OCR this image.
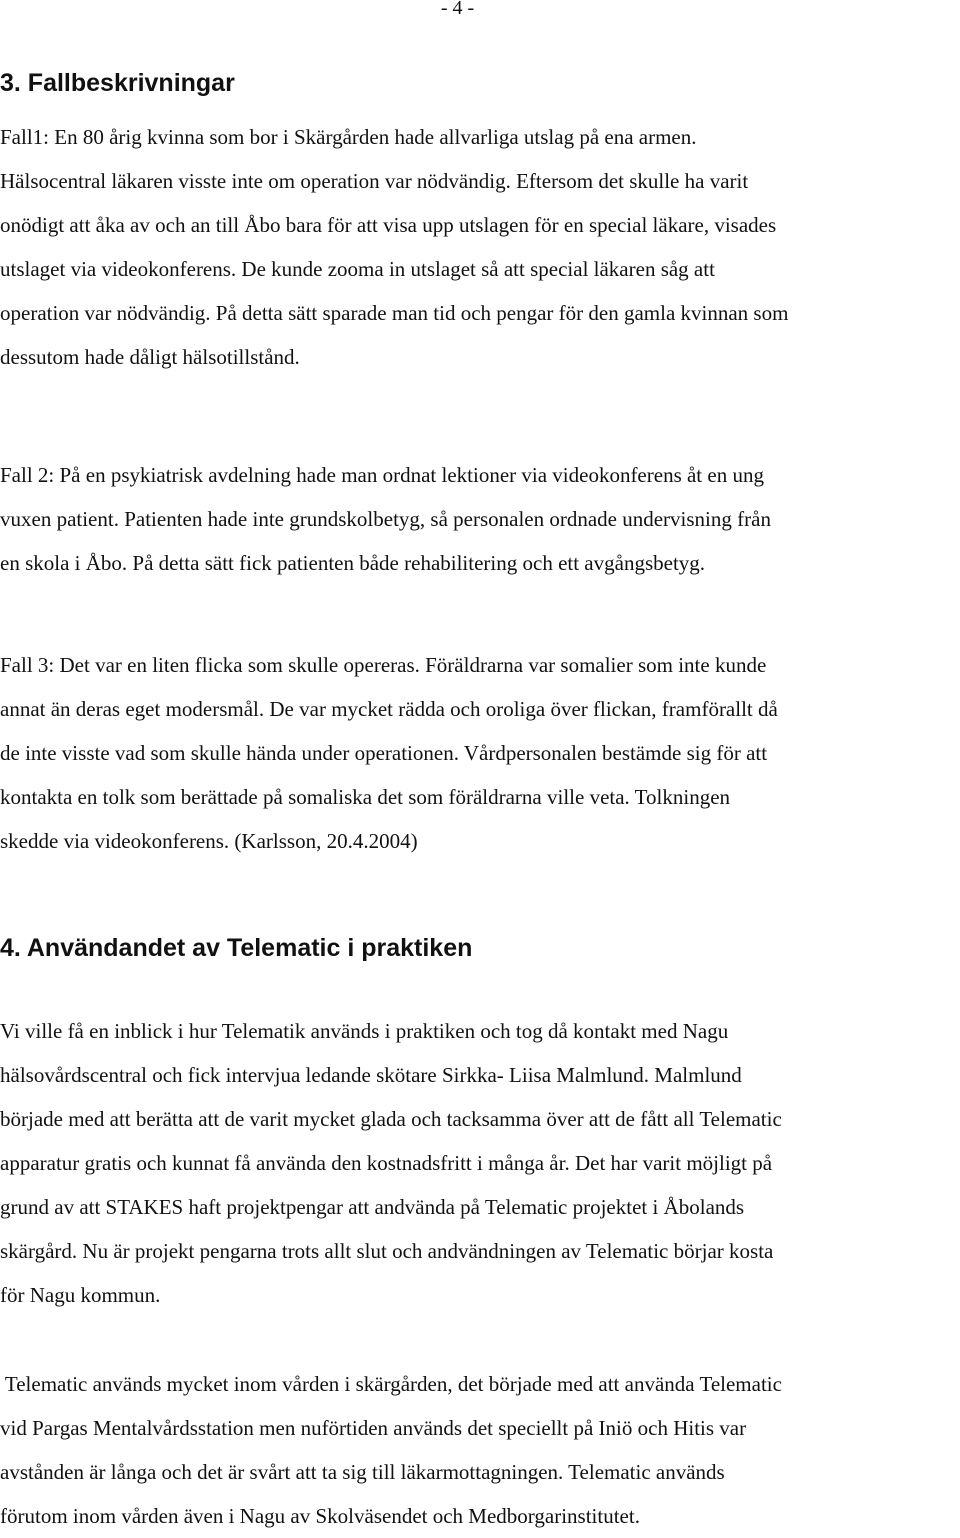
- 4 -

3. Fallbeskrivningar

Fall1: En 80 årig kvinna som bor i Skärgården hade allvarliga utslag på ena armen.
Hälsocentral läkaren visste inte om operation var nödvändig. Eftersom det skulle ha varit
onödigt att åka av och an till Åbo bara för att visa upp utslagen för en special läkare, visades
utslaget via videokonferens. De kunde zooma in utslaget så att special läkaren såg att
operation var nödvändig. På detta sätt sparade man tid och pengar för den gamla kvinnan som
dessutom hade dåligt hälsotillstånd.

Fall 2: På en psykiatrisk avdelning hade man ordnat lektioner via videokonferens åt en ung
vuxen patient. Patienten hade inte grundskolbetyg, så personalen ordnade undervisning från
en skola i Åbo. På detta sätt fick patienten både rehabilitering och ett avgångsbetyg.

Fall 3: Det var en liten flicka som skulle opereras. Föräldrarna var somalier som inte kunde
annat än deras eget modersmål. De var mycket rädda och oroliga över flickan, framförallt då
de inte visste vad som skulle hända under operationen. Vårdpersonalen bestämde sig för att
kontakta en tolk som berättade på somaliska det som föräldrarna ville veta. Tolkningen
skedde via videokonferens. (Karlsson, 20.4.2004)

4. Användandet av Telematic i praktiken

Vi ville få en inblick i hur Telematik används i praktiken och tog då kontakt med Nagu
hälsovårdscentral och fick intervjua ledande skötare Sirkka- Liisa Malmlund. Malmlund
började med att berätta att de varit mycket glada och tacksamma över att de fått all Telematic
apparatur gratis och kunnat få använda den kostnadsfritt i många år. Det har varit möjligt på
grund av att STAKES haft projektpengar att andvända på Telematic projektet i Åbolands
skärgård. Nu är projekt pengarna trots allt slut och andvändningen av Telematic börjar kosta
för Nagu kommun.

Telematic används mycket inom vården i skärgården, det började med att använda Telematic
vid Pargas Mentalvårdsstation men nuförtiden används det speciellt på Iniö och Hitis var
avstånden är långa och det är svårt att ta sig till läkarmottagningen. Telematic används
förutom inom vården även i Nagu av Skolväsendet och Medborgarinstitutet.
